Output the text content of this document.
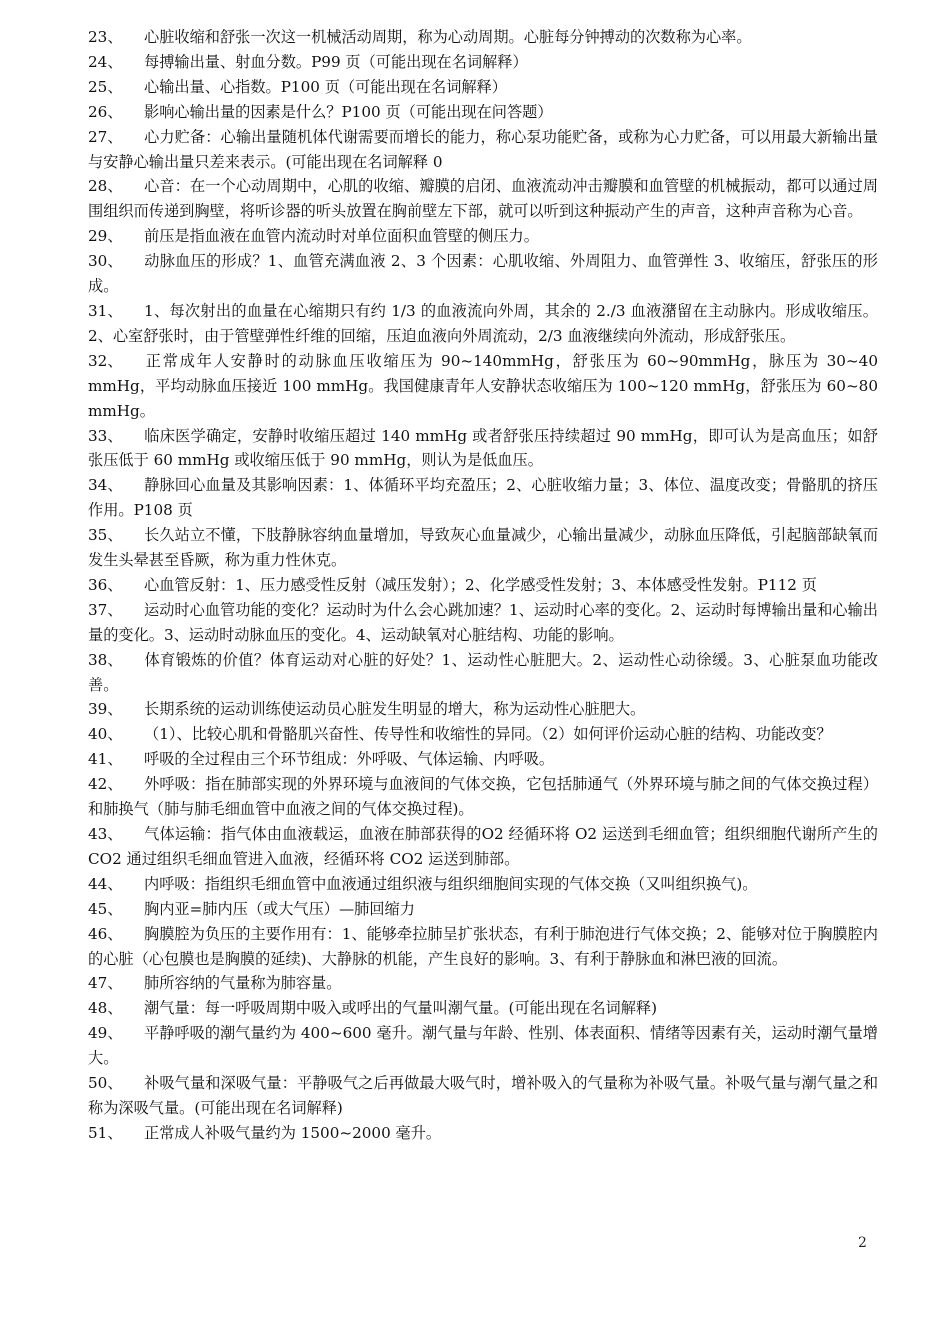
23、 心脏收缩和舒张一次这一机械活动周期，称为心动周期。心脏每分钟搏动的次数称为心率。

24、 每搏输出量、射血分数。P99 页（可能出现在名词解释）

25、 心输出量、心指数。P100 页（可能出现在名词解释）

26、 影响心输出量的因素是什么？P100 页（可能出现在问答题）

27、 心力贮备：心输出量随机体代谢需要而增长的能力，称心泵功能贮备，或称为心力贮备，可以用最大新输出量与安静心输出量只差来表示。(可能出现在名词解释 0

28、 心音：在一个心动周期中，心肌的收缩、瓣膜的启闭、血液流动冲击瓣膜和血管壁的机械振动，都可以通过周围组织而传递到胸壁，将听诊器的听头放置在胸前壁左下部，就可以听到这种振动产生的声音，这种声音称为心音。

29、 前压是指血液在血管内流动时对单位面积血管壁的侧压力。

30、 动脉血压的形成？1、血管充满血液 2、3 个因素：心肌收缩、外周阻力、血管弹性 3、收缩压，舒张压的形成。

31、 1、每次射出的血量在心缩期只有约 1/3 的血液流向外周，其余的 2./3 血液潴留在主动脉内。形成收缩压。2、心室舒张时，由于管壁弹性纤维的回缩，压迫血液向外周流动，2/3 血液继续向外流动，形成舒张压。

32、 正常成年人安静时的动脉血压收缩压为 90~140mmHg，舒张压为 60~90mmHg，脉压为 30~40 mmHg，平均动脉血压接近 100 mmHg。我国健康青年人安静状态收缩压为 100~120 mmHg，舒张压为 60~80 mmHg。

33、 临床医学确定，安静时收缩压超过 140 mmHg 或者舒张压持续超过 90 mmHg，即可认为是高血压；如舒张压低于 60 mmHg 或收缩压低于 90 mmHg，则认为是低血压。

34、 静脉回心血量及其影响因素：1、体循环平均充盈压；2、心脏收缩力量；3、体位、温度改变；骨骼肌的挤压作用。P108 页

35、 长久站立不懂，下肢静脉容纳血量增加，导致灰心血量减少，心输出量减少，动脉血压降低，引起脑部缺氧而发生头晕甚至昏厥，称为重力性休克。

36、 心血管反射：1、压力感受性反射（减压发射）；2、化学感受性发射；3、本体感受性发射。P112 页

37、 运动时心血管功能的变化？运动时为什么会心跳加速？1、运动时心率的变化。2、运动时每博输出量和心输出量的变化。3、运动时动脉血压的变化。4、运动缺氧对心脏结构、功能的影响。

38、 体育锻炼的价值？体育运动对心脏的好处？1、运动性心脏肥大。2、运动性心动徐缓。3、心脏泵血功能改善。

39、 长期系统的运动训练使运动员心脏发生明显的增大，称为运动性心脏肥大。

40、 （1）、比较心肌和骨骼肌兴奋性、传导性和收缩性的异同。（2）如何评价运动心脏的结构、功能改变？

41、 呼吸的全过程由三个环节组成：外呼吸、气体运输、内呼吸。

42、 外呼吸：指在肺部实现的外界环境与血液间的气体交换，它包括肺通气（外界环境与肺之间的气体交换过程）和肺换气（肺与肺毛细血管中血液之间的气体交换过程)。

43、 气体运输：指气体由血液载运，血液在肺部获得的O2 经循环将 O2 运送到毛细血管；组织细胞代谢所产生的 CO2 通过组织毛细血管进入血液，经循环将 CO2 运送到肺部。

44、 内呼吸：指组织毛细血管中血液通过组织液与组织细胞间实现的气体交换（又叫组织换气)。

45、 胸内亚=肺内压（或大气压）—肺回缩力

46、 胸膜腔为负压的主要作用有：1、能够牵拉肺呈扩张状态，有利于肺泡进行气体交换；2、能够对位于胸膜腔内的心脏（心包膜也是胸膜的延续)、大静脉的机能，产生良好的影响。3、有利于静脉血和淋巴液的回流。

47、 肺所容纳的气量称为肺容量。

48、 潮气量：每一呼吸周期中吸入或呼出的气量叫潮气量。(可能出现在名词解释)

49、 平静呼吸的潮气量约为 400~600 毫升。潮气量与年龄、性别、体表面积、情绪等因素有关，运动时潮气量增大。

50、 补吸气量和深吸气量：平静吸气之后再做最大吸气时，增补吸入的气量称为补吸气量。补吸气量与潮气量之和称为深吸气量。(可能出现在名词解释)

51、 正常成人补吸气量约为 1500~2000 毫升。

2
